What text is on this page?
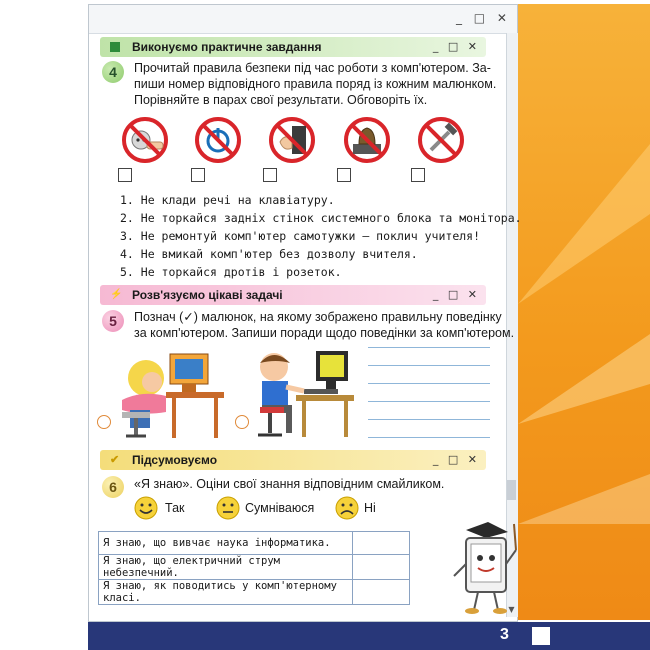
_ □ ✕
▼
Виконуємо практичне завдання	_ □ ✕
4	Прочитай правила безпеки під час роботи з комп'ютером. За-
пиши номер відповідного правила поряд із кожним малюнком.
Порівняйте в парах свої результати. Обговоріть їх.
1. Не клади речі на клавіатуру.
2. Не торкайся задніх стінок системного блока та монітора.
3. Не ремонтуй комп'ютер самотужки — поклич учителя!
4. Не вмикай комп'ютер без дозволу вчителя.
5. Не торкайся дротів і розеток.
⚡ Розв'язуємо цікаві задачі	_ □ ✕
5	Познач (✓) малюнок, на якому зображено правильну поведінку
за комп'ютером. Запиши поради щодо поведінки за комп'ютером.
✔ Підсумовуємо	_ □ ✕
6	«Я знаю». Оціни свої знання відповідним смайликом.
Так	Сумніваюся	Ні
Я знаю, що вивчає наука інформатика.	
Я знаю, що електричний струм небезпечний.	
Я знаю, як поводитись у комп'ютерному класі.	
3
